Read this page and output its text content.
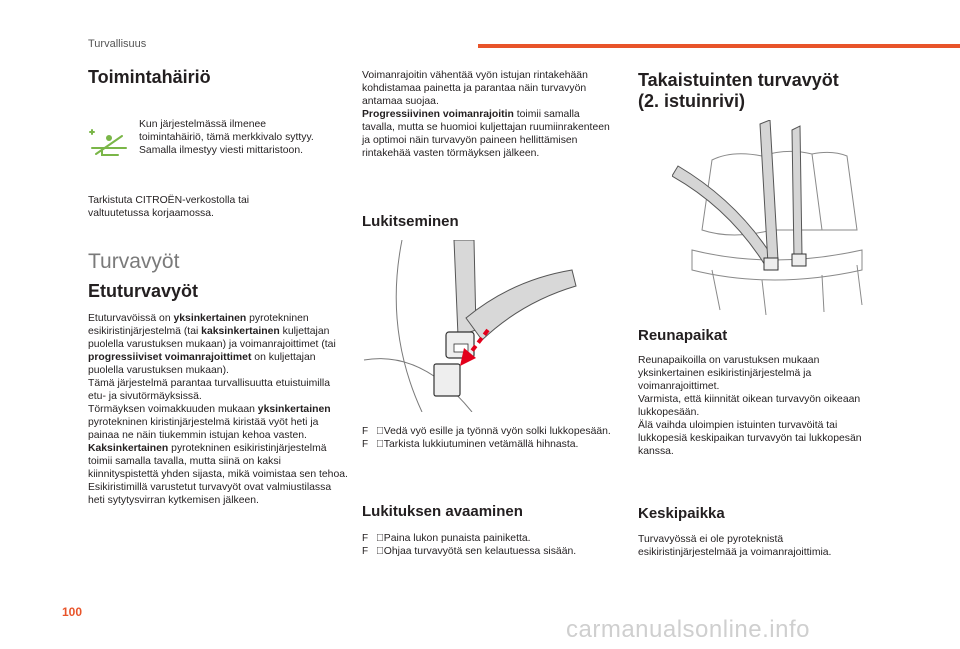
Turvallisuus
Toimintahäiriö

Kun järjestelmässä ilmenee toimintahäiriö, tämä merkkivalo syttyy. Samalla ilmestyy viesti mittaristoon.

Tarkistuta CITROËN-verkostolla tai valtuutetussa korjaamossa.

Turvavyöt
Etuturvavyöt

Etuturvavöissä on yksinkertainen pyrotekninen esikiristinjärjestelmä (tai kaksinkertainen kuljettajan puolella varustuksen mukaan) ja voimanrajoittimet (tai progressiiviset voimanrajoittimet on kuljettajan puolella varustuksen mukaan).

Tämä järjestelmä parantaa turvallisuutta etuistuimilla etu- ja sivutörmäyksissä.

Törmäyksen voimakkuuden mukaan yksinkertainen pyrotekninen kiristinjärjestelmä kiristää vyöt heti ja painaa ne näin tiukemmin istujan kehoa vasten.

Kaksinkertainen pyrotekninen esikiristinjärjestelmä toimii samalla tavalla, mutta siinä on kaksi kiinnityspistettä yhden sijasta, mikä voimistaa sen tehoa.

Esikiristimillä varustetut turvavyöt ovat valmiustilassa heti sytytysvirran kytkemisen jälkeen.

Voimanrajoitin vähentää vyön istujan rintakehään kohdistamaa painetta ja parantaa näin turvavyön antamaa suojaa.

Progressiivinen voimanrajoitin toimii samalla tavalla, mutta se huomioi kuljettajan ruumiinrakenteen ja optimoi näin turvavyön paineen hellittämisen rintakehää vasten törmäyksen jälkeen.

Lukitseminen
F Vedä vyö esille ja työnnä vyön solki lukkopesään.
F Tarkista lukkiutuminen vetämällä hihnasta.
Lukituksen avaaminen
F Paina lukon punaista painiketta.
F Ohjaa turvavyötä sen kelautuessa sisään.
Takaistuinten turvavyöt
(2. istuinrivi)
Reunapaikat

Reunapaikoilla on varustuksen mukaan yksinkertainen esikiristinjärjestelmä ja voimanrajoittimet.

Varmista, että kiinnität oikean turvavyön oikeaan lukkopesään.

Älä vaihda uloimpien istuinten turvavöitä tai lukkopesiä keskipaikan turvavyön tai lukkopesän kanssa.

Keskipaikka

Turvavyössä ei ole pyroteknistä esikiristinjärjestelmää ja voimanrajoittimia.

100
carmanualsonline.info
